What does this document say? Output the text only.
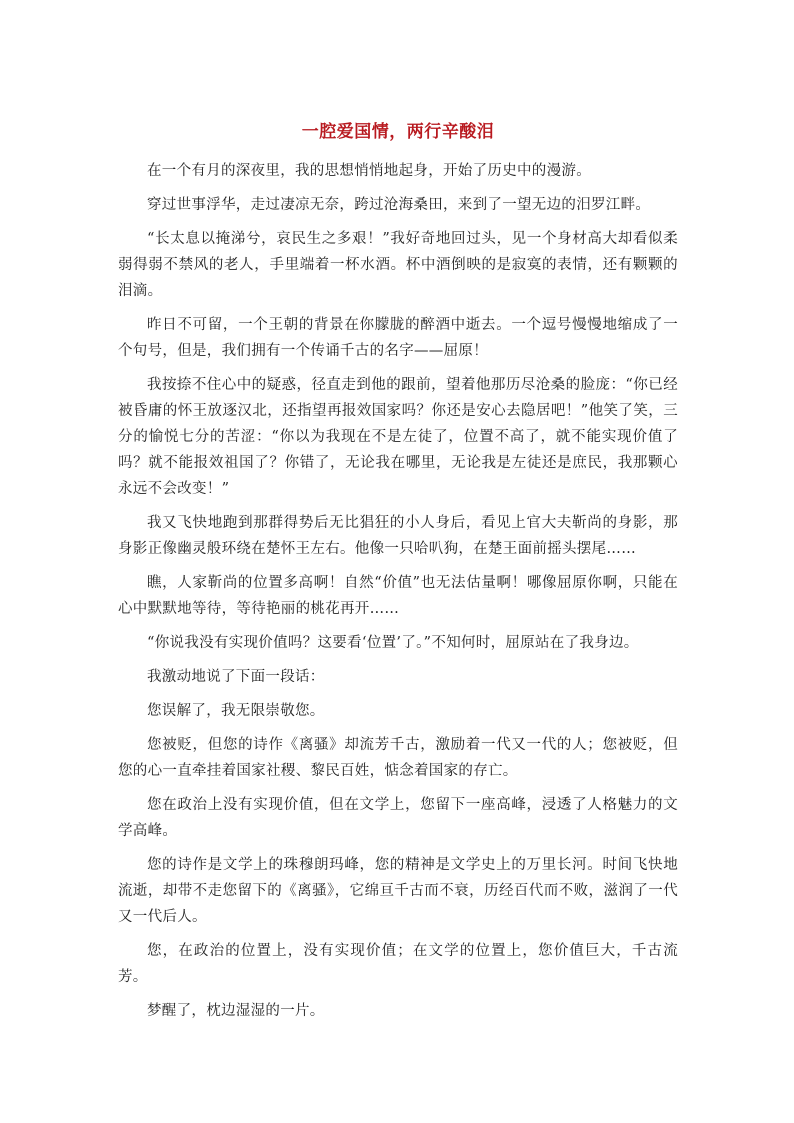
一腔爱国情，两行辛酸泪

在一个有月的深夜里，我的思想悄悄地起身，开始了历史中的漫游。

穿过世事浮华，走过凄凉无奈，跨过沧海桑田，来到了一望无边的汨罗江畔。

“长太息以掩涕兮，哀民生之多艰！”我好奇地回过头，见一个身材高大却看似柔弱得弱不禁风的老人，手里端着一杯水酒。杯中酒倒映的是寂寞的表情，还有颗颗的泪滴。

昨日不可留，一个王朝的背景在你朦胧的醉酒中逝去。一个逗号慢慢地缩成了一个句号，但是，我们拥有一个传诵千古的名字——屈原！

我按捺不住心中的疑惑，径直走到他的跟前，望着他那历尽沧桑的脸庞：“你已经被昏庸的怀王放逐汉北，还指望再报效国家吗？你还是安心去隐居吧！”他笑了笑，三分的愉悦七分的苦涩：“你以为我现在不是左徒了，位置不高了，就不能实现价值了吗？就不能报效祖国了？你错了，无论我在哪里，无论我是左徒还是庶民，我那颗心永远不会改变！”

我又飞快地跑到那群得势后无比猖狂的小人身后，看见上官大夫靳尚的身影，那身影正像幽灵般环绕在楚怀王左右。他像一只哈叭狗，在楚王面前摇头摆尾……

瞧，人家靳尚的位置多高啊！自然“价值”也无法估量啊！哪像屈原你啊，只能在心中默默地等待，等待艳丽的桃花再开……

“你说我没有实现价值吗？这要看‘位置’了。”不知何时，屈原站在了我身边。

我激动地说了下面一段话：

您误解了，我无限崇敬您。

您被贬，但您的诗作《离骚》却流芳千古，激励着一代又一代的人；您被贬，但您的心一直牵挂着国家社稷、黎民百姓，惦念着国家的存亡。

您在政治上没有实现价值，但在文学上，您留下一座高峰，浸透了人格魅力的文学高峰。

您的诗作是文学上的珠穆朗玛峰，您的精神是文学史上的万里长河。时间飞快地流逝，却带不走您留下的《离骚》，它绵亘千古而不衰，历经百代而不败，滋润了一代又一代后人。

您，在政治的位置上，没有实现价值；在文学的位置上，您价值巨大，千古流芳。

梦醒了，枕边湿湿的一片。
